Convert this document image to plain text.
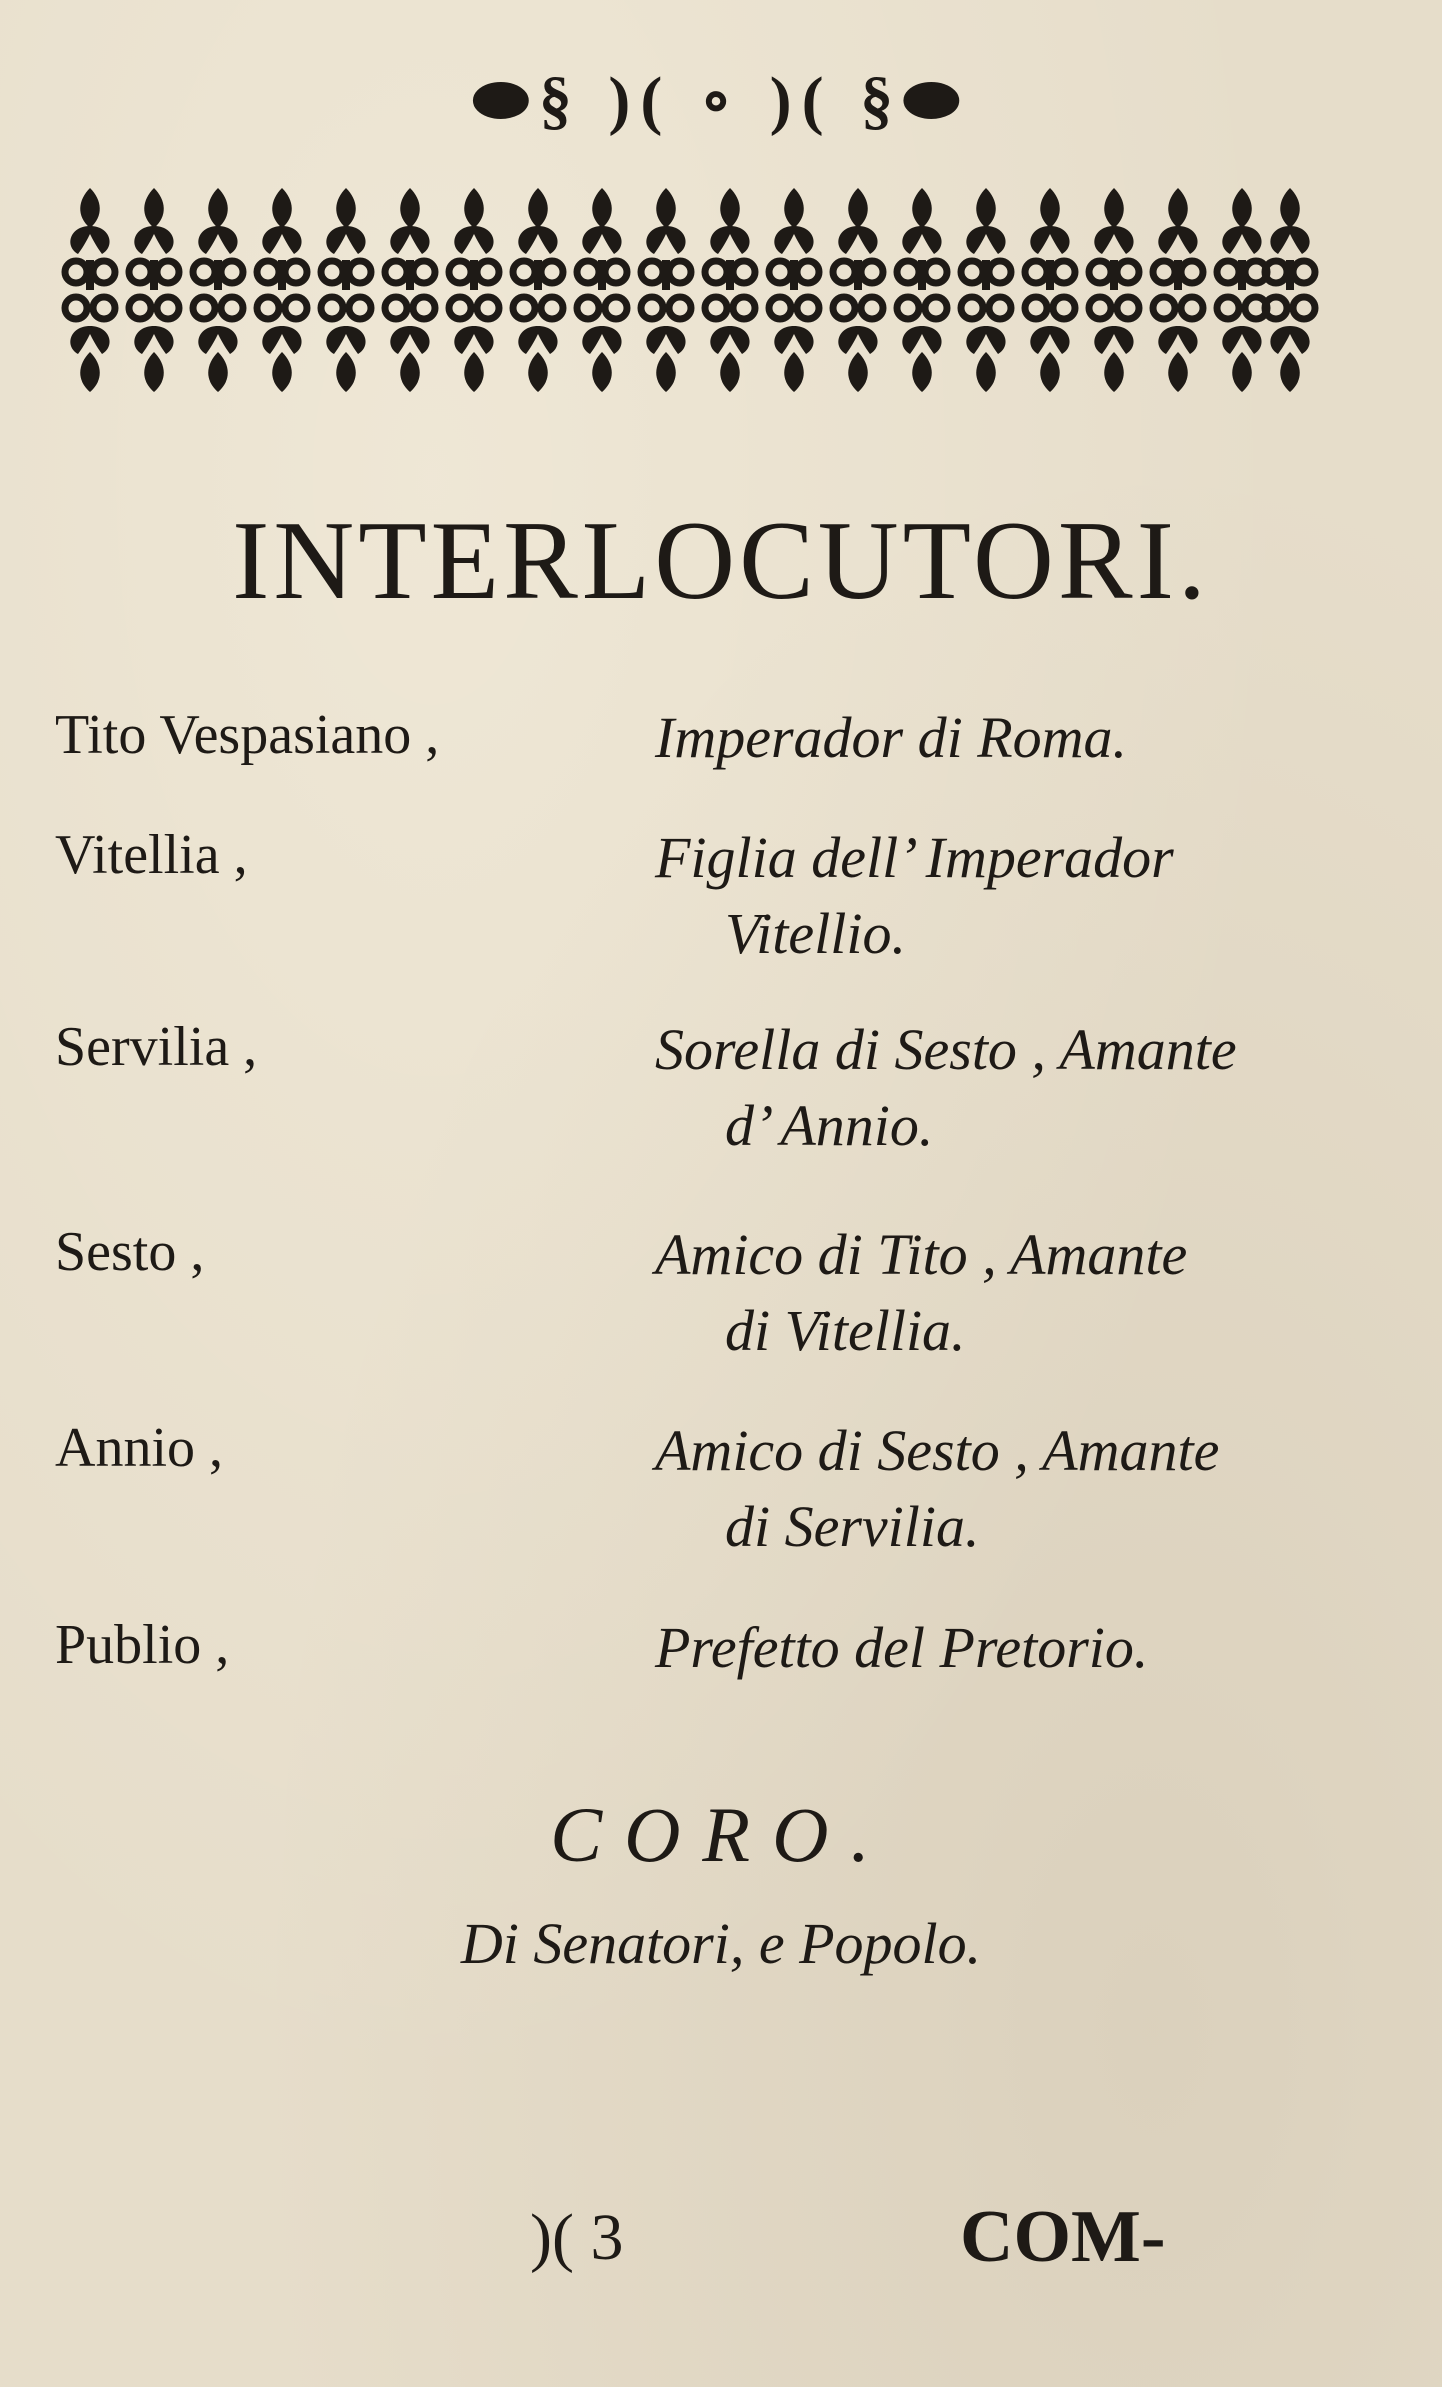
⬬§ )( ∘ )( §⬬
INTERLOCUTORI.
Tito Vespasiano ,	Imperador di Roma.
Vitellia ,	Figlia dell’ Imperador
Vitellio.
Servilia ,	Sorella di Sesto , Amante
d’ Annio.
Sesto ,	Amico di Tito , Amante
di Vitellia.
Annio ,	Amico di Sesto , Amante
di Servilia.
Publio ,	Prefetto del Pretorio.
CORO.
Di Senatori, e Popolo.
)( 3	COM-
